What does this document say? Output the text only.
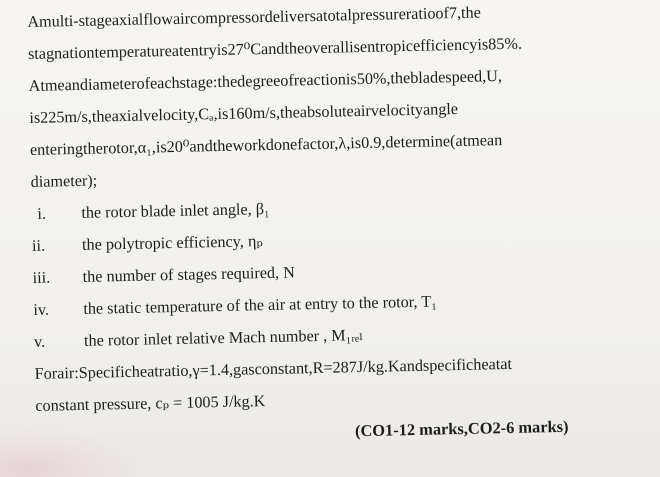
Amulti-stageaxialflowaircompressordeliversatotalpressureratioof7,the
stagnationtemperatureatentryis27⁰Candtheoverallisentropicefficiencyis85%.
Atmeandiameterofeachstage:thedegreeofreactionis50%,thebladespeed,U,
is225m/s,theaxialvelocity,Cₐ,is160m/s,theabsoluteairvelocityangle
enteringtherotor,α₁,is20⁰andtheworkdonefactor,λ,is0.9,determine(atmean
diameter);
i.	the rotor blade inlet angle, β₁
ii.	the polytropic efficiency, ηₚ
iii.	the number of stages required, N
iv.	the static temperature of the air at entry to the rotor, T₁
v.	the rotor inlet relative Mach number , M₁ᵣₑₗ
Forair:Specificheatratio,γ=1.4,gasconstant,R=287J/kg.Kandspecificheatat
constant pressure, cₚ = 1005 J/kg.K
(CO1-12 marks,CO2-6 marks)
